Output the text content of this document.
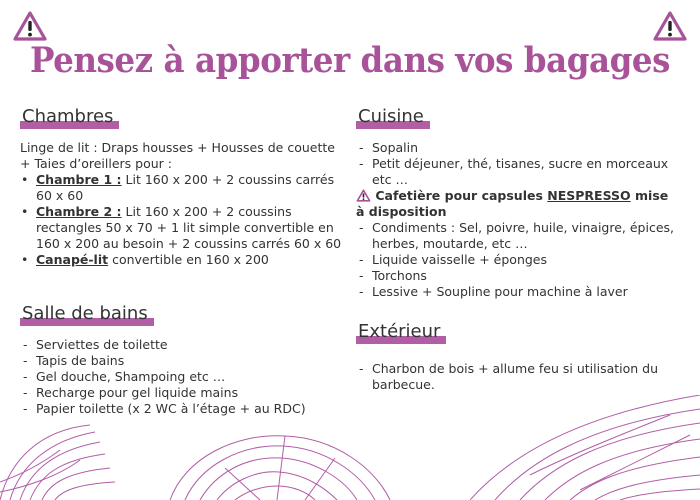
Pensez à apporter dans vos bagages
Chambres
Linge de lit : Draps housses + Housses de couette + Taies d’oreillers pour :
• Chambre 1 : Lit 160 x 200 + 2 coussins carrés 60 x 60
• Chambre 2 : Lit 160 x 200 + 2 coussins rectangles 50 x 70 + 1 lit simple convertible en 160 x 200 au besoin + 2 coussins carrés 60 x 60
• Canapé-lit convertible en 160 x 200
Salle de bains
- Serviettes de toilette
- Tapis de bains
- Gel douche, Shampoing etc …
- Recharge pour gel liquide mains
- Papier toilette (x 2 WC à l’étage + au RDC)
Cuisine
- Sopalin
- Petit déjeuner, thé, tisanes, sucre en morceaux etc …
Cafetière pour capsules NESPRESSO mise à disposition
- Condiments : Sel, poivre, huile, vinaigre, épices, herbes, moutarde, etc …
- Liquide vaisselle + éponges
- Torchons
- Lessive + Soupline pour machine à laver
Extérieur
- Charbon de bois + allume feu si utilisation du barbecue.
